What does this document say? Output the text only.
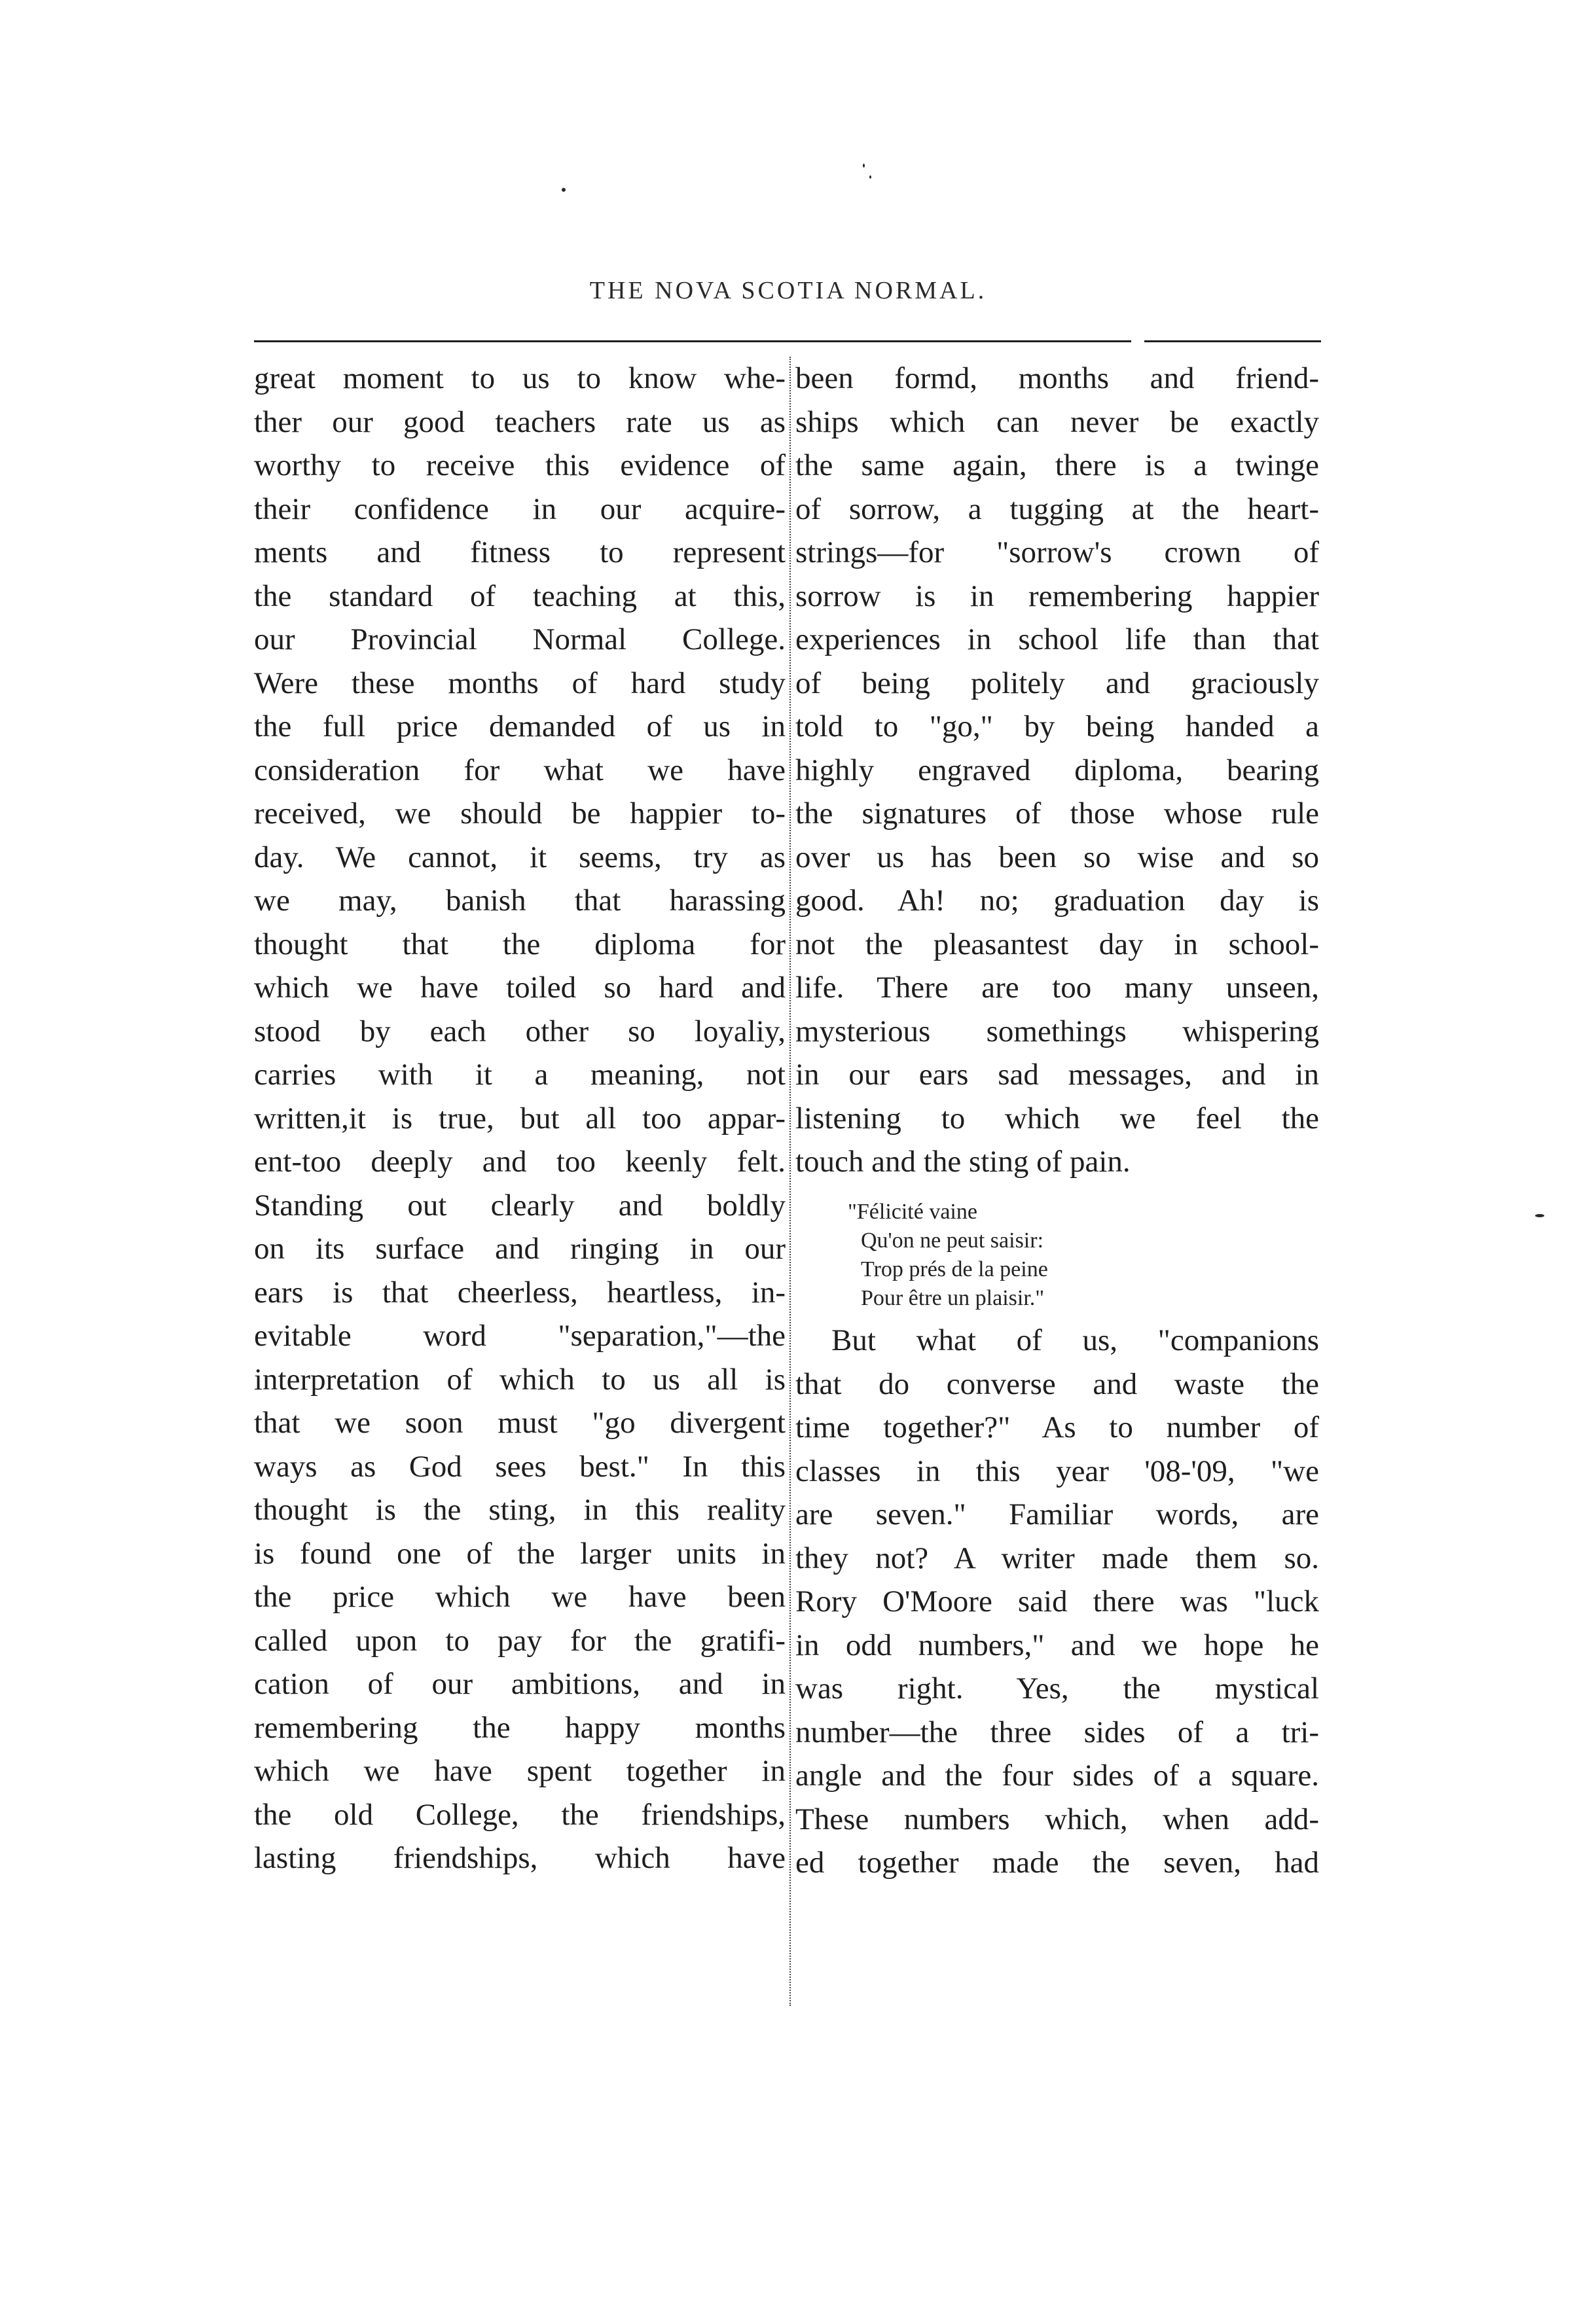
THE NOVA SCOTIA NORMAL.
great moment to us to know whe-
ther our good teachers rate us as
worthy to receive this evidence of
their confidence in our acquire-
ments and fitness to represent
the standard of teaching at this,
our Provincial Normal College.
Were these months of hard study
the full price demanded of us in
consideration for what we have
received, we should be happier to-
day. We cannot, it seems, try as
we may, banish that harassing
thought that the diploma for
which we have toiled so hard and
stood by each other so loyaliy,
carries with it a meaning, not
written,it is true, but all too appar-
ent-too deeply and too keenly felt.
Standing out clearly and boldly
on its surface and ringing in our
ears is that cheerless, heartless, in-
evitable word "separation,"—the
interpretation of which to us all is
that we soon must "go divergent
ways as God sees best." In this
thought is the sting, in this reality
is found one of the larger units in
the price which we have been
called upon to pay for the gratifi-
cation of our ambitions, and in
remembering the happy months
which we have spent together in
the old College, the friendships,
lasting friendships, which have
been formd, months and friend-
ships which can never be exactly
the same again, there is a twinge
of sorrow, a tugging at the heart-
strings—for "sorrow's crown of
sorrow is in remembering happier
experiences in school life than that
of being politely and graciously
told to "go," by being handed a
highly engraved diploma, bearing
the signatures of those whose rule
over us has been so wise and so
good. Ah! no; graduation day is
not the pleasantest day in school-
life. There are too many unseen,
mysterious somethings whispering
in our ears sad messages, and in
listening to which we feel the
touch and the sting of pain.
"Félicité vaine
Qu'on ne peut saisir:
Trop prés de la peine
Pour être un plaisir."
But what of us, "companions
that do converse and waste the
time together?" As to number of
classes in this year '08-'09, "we
are seven." Familiar words, are
they not? A writer made them so.
Rory O'Moore said there was "luck
in odd numbers," and we hope he
was right. Yes, the mystical
number—the three sides of a tri-
angle and the four sides of a square.
These numbers which, when add-
ed together made the seven, had
